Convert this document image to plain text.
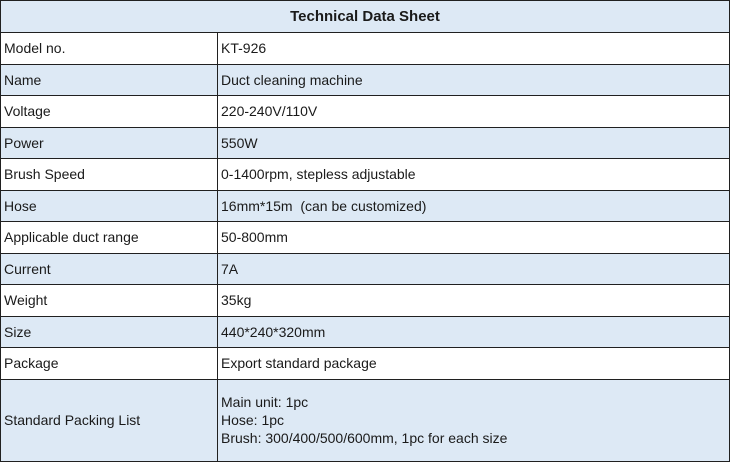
Technical Data Sheet	
Model no.	KT-926
Name	Duct cleaning machine
Voltage	220-240V/110V
Power	550W
Brush Speed	0-1400rpm, stepless adjustable
Hose	16mm*15m  (can be customized)
Applicable duct range	50-800mm
Current	7A
Weight	35kg
Size	440*240*320mm
Package	Export standard package
Standard Packing List	Main unit: 1pc
Hose: 1pc
Brush: 300/400/500/600mm, 1pc for each size
